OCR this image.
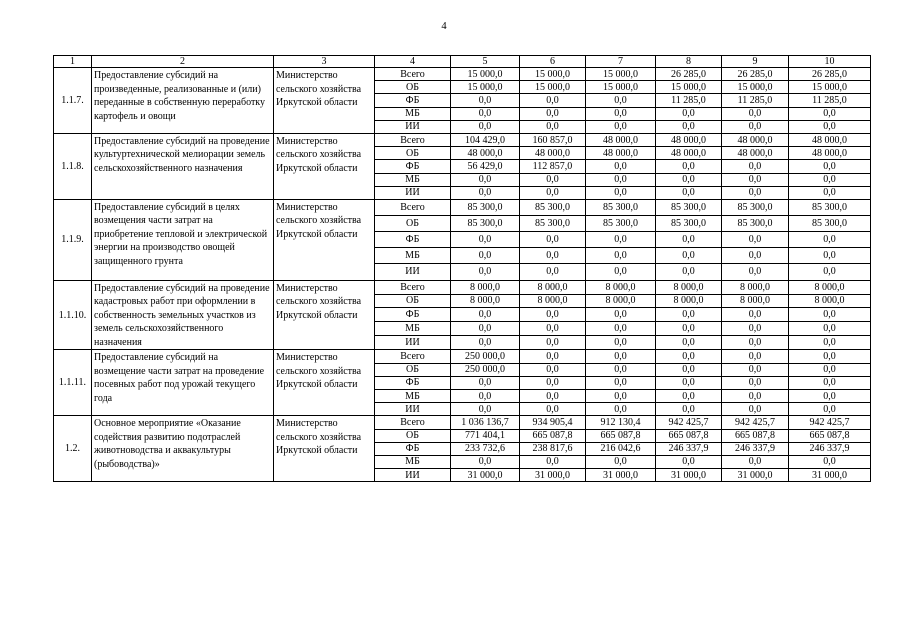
4
1	2	3	4	5	6	7	8	9	10
1.1.7.	Предоставление субсидий на произведенные, реализованные и (или) переданные в собственную переработку картофель и овощи	Министерство сельского хозяйства Иркутской области	Всего	15 000,0	15 000,0	15 000,0	26 285,0	26 285,0	26 285,0
			ОБ	15 000,0	15 000,0	15 000,0	15 000,0	15 000,0	15 000,0
			ФБ	0,0	0,0	0,0	11 285,0	11 285,0	11 285,0
			МБ	0,0	0,0	0,0	0,0	0,0	0,0
			ИИ	0,0	0,0	0,0	0,0	0,0	0,0
1.1.8.	Предоставление субсидий на проведение культуртехнической мелиорации земель сельскохозяйственного назначения	Министерство сельского хозяйства Иркутской области	Всего	104 429,0	160 857,0	48 000,0	48 000,0	48 000,0	48 000,0
			ОБ	48 000,0	48 000,0	48 000,0	48 000,0	48 000,0	48 000,0
			ФБ	56 429,0	112 857,0	0,0	0,0	0,0	0,0
			МБ	0,0	0,0	0,0	0,0	0,0	0,0
			ИИ	0,0	0,0	0,0	0,0	0,0	0,0
1.1.9.	Предоставление субсидий в целях возмещения части затрат на приобретение тепловой и электрической энергии на производство овощей защищенного грунта	Министерство сельского хозяйства Иркутской области	Всего	85 300,0	85 300,0	85 300,0	85 300,0	85 300,0	85 300,0
			ОБ	85 300,0	85 300,0	85 300,0	85 300,0	85 300,0	85 300,0
			ФБ	0,0	0,0	0,0	0,0	0,0	0,0
			МБ	0,0	0,0	0,0	0,0	0,0	0,0
			ИИ	0,0	0,0	0,0	0,0	0,0	0,0
1.1.10.	Предоставление субсидий на проведение кадастровых работ при оформлении в собственность земельных участков из земель сельскохозяйственного назначения	Министерство сельского хозяйства Иркутской области	Всего	8 000,0	8 000,0	8 000,0	8 000,0	8 000,0	8 000,0
			ОБ	8 000,0	8 000,0	8 000,0	8 000,0	8 000,0	8 000,0
			ФБ	0,0	0,0	0,0	0,0	0,0	0,0
			МБ	0,0	0,0	0,0	0,0	0,0	0,0
			ИИ	0,0	0,0	0,0	0,0	0,0	0,0
1.1.11.	Предоставление субсидий на возмещение части затрат на проведение посевных работ под урожай текущего года	Министерство сельского хозяйства Иркутской области	Всего	250 000,0	0,0	0,0	0,0	0,0	0,0
			ОБ	250 000,0	0,0	0,0	0,0	0,0	0,0
			ФБ	0,0	0,0	0,0	0,0	0,0	0,0
			МБ	0,0	0,0	0,0	0,0	0,0	0,0
			ИИ	0,0	0,0	0,0	0,0	0,0	0,0
1.2.	Основное мероприятие «Оказание содействия развитию подотраслей животноводства и аквакультуры (рыбоводства)»	Министерство сельского хозяйства Иркутской области	Всего	1 036 136,7	934 905,4	912 130,4	942 425,7	942 425,7	942 425,7
			ОБ	771 404,1	665 087,8	665 087,8	665 087,8	665 087,8	665 087,8
			ФБ	233 732,6	238 817,6	216 042,6	246 337,9	246 337,9	246 337,9
			МБ	0,0	0,0	0,0	0,0	0,0	0,0
			ИИ	31 000,0	31 000,0	31 000,0	31 000,0	31 000,0	31 000,0
